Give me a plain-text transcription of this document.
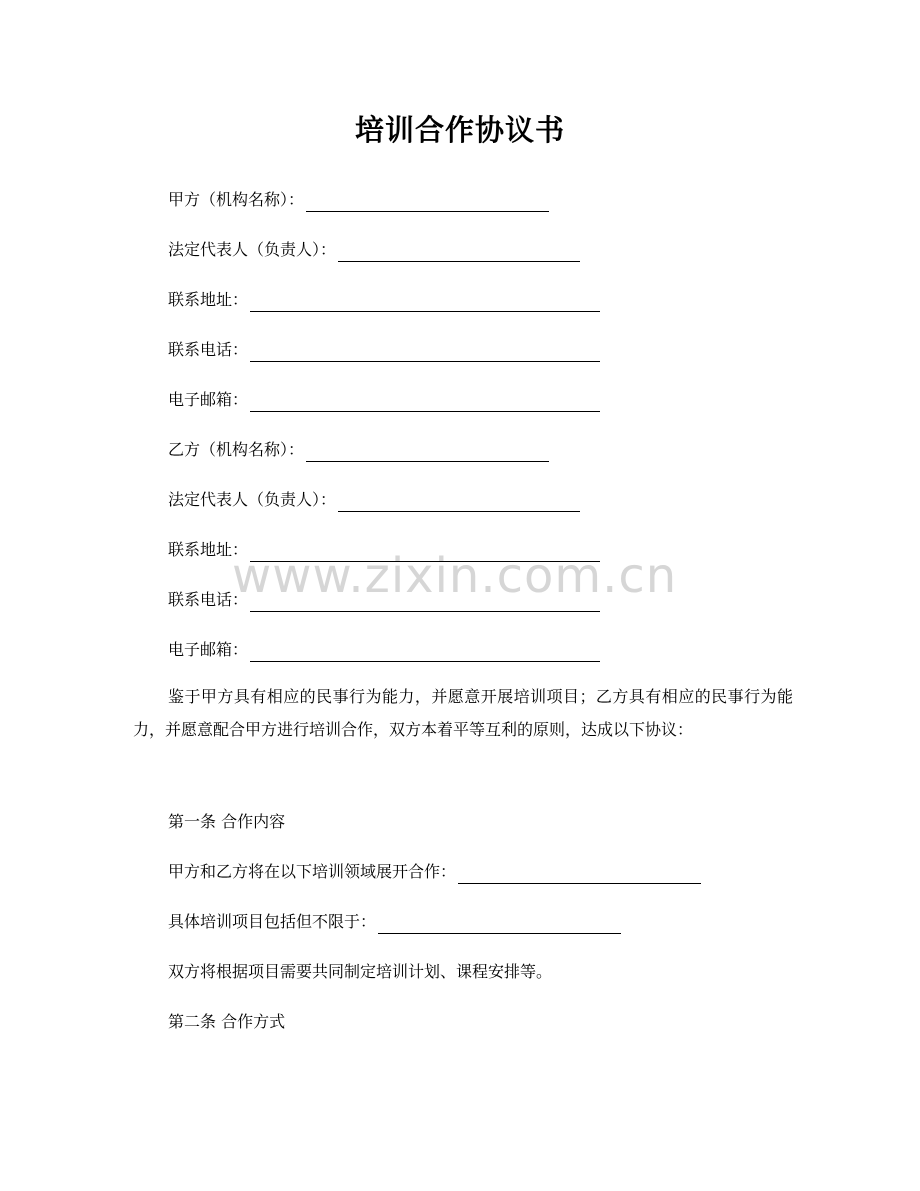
培训合作协议书
甲方（机构名称）：
法定代表人（负责人）：
联系地址：
联系电话：
电子邮箱：
乙方（机构名称）：
法定代表人（负责人）：
联系地址：
联系电话：
电子邮箱：

鉴于甲方具有相应的民事行为能力，并愿意开展培训项目；乙方具有相应的民事行为能力，并愿意配合甲方进行培训合作，双方本着平等互利的原则，达成以下协议：

第一条 合作内容
甲方和乙方将在以下培训领域展开合作：
具体培训项目包括但不限于：
双方将根据项目需要共同制定培训计划、课程安排等。
第二条 合作方式
www.zixin.com.cn
